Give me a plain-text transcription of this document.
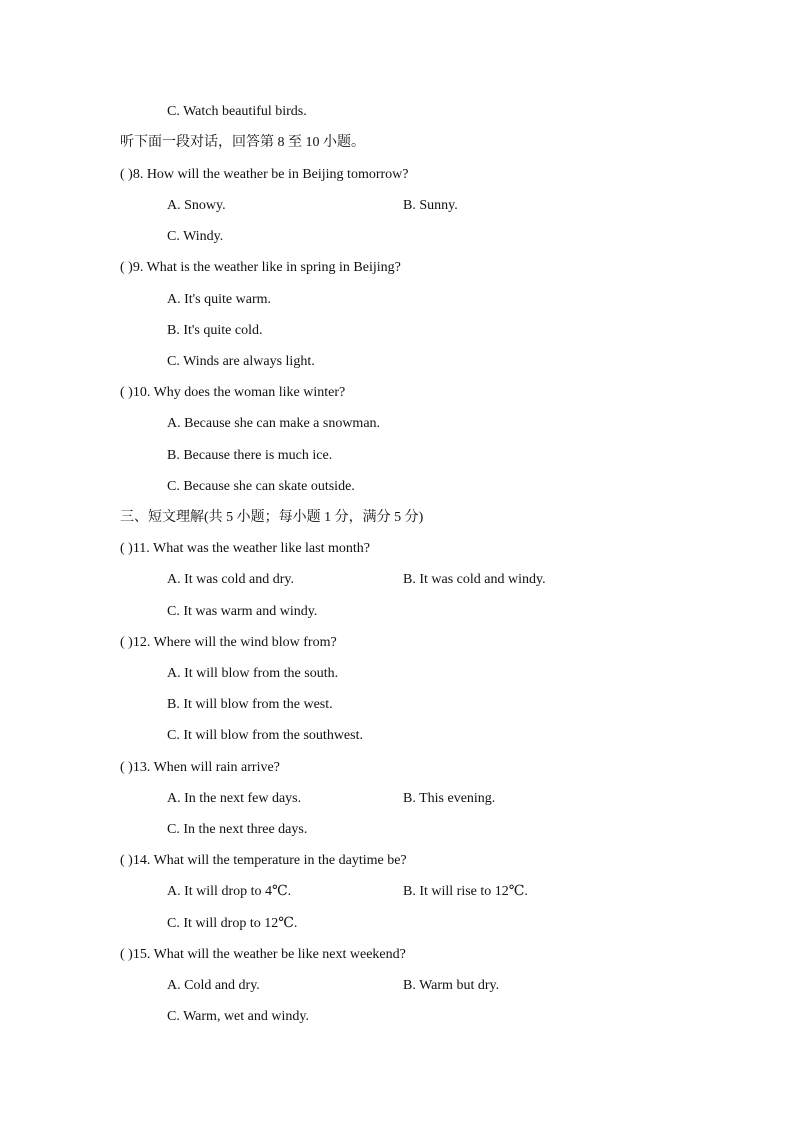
C. Watch beautiful birds.
听下面一段对话，回答第 8 至 10 小题。
( )8. How will the weather be in Beijing tomorrow?
A. Snowy.	B. Sunny.
C. Windy.
( )9. What is the weather like in spring in Beijing?
A. It's quite warm.
B. It's quite cold.
C. Winds are always light.
( )10. Why does the woman like winter?
A. Because she can make a snowman.
B. Because there is much ice.
C. Because she can skate outside.
三、短文理解(共 5 小题；每小题 1 分，满分 5 分)
( )11. What was the weather like last month?
A. It was cold and dry.	B. It was cold and windy.
C. It was warm and windy.
( )12. Where will the wind blow from?
A. It will blow from the south.
B. It will blow from the west.
C. It will blow from the southwest.
( )13. When will rain arrive?
A. In the next few days.	B. This evening.
C. In the next three days.
( )14. What will the temperature in the daytime be?
A. It will drop to 4℃.	B. It will rise to 12℃.
C. It will drop to 12℃.
( )15. What will the weather be like next weekend?
A. Cold and dry.	B. Warm but dry.
C. Warm, wet and windy.
